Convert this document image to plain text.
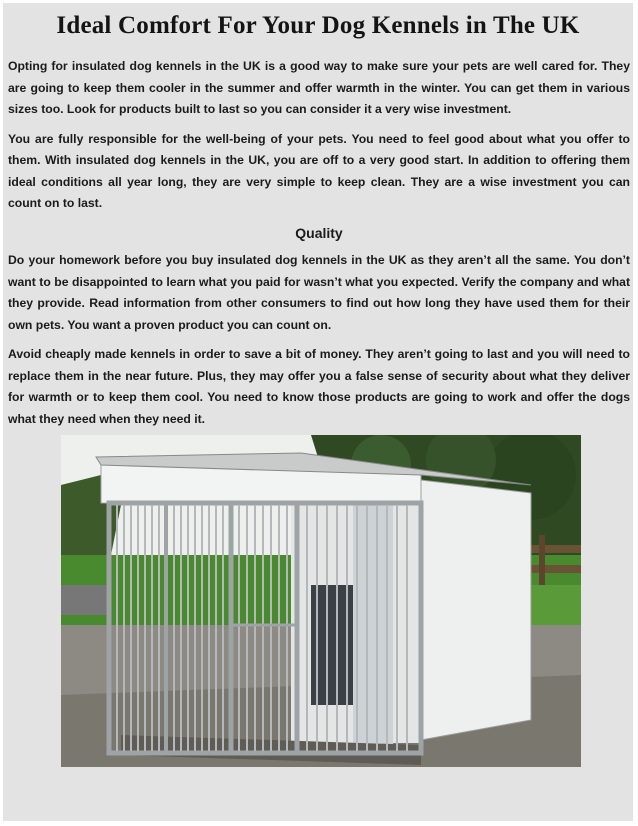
Ideal Comfort For Your Dog Kennels in The UK

Opting for insulated dog kennels in the UK is a good way to make sure your pets are well cared for. They are going to keep them cooler in the summer and offer warmth in the winter. You can get them in various sizes too. Look for products built to last so you can consider it a very wise investment.

You are fully responsible for the well-being of your pets. You need to feel good about what you offer to them. With insulated dog kennels in the UK, you are off to a very good start. In addition to offering them ideal conditions all year long, they are very simple to keep clean. They are a wise investment you can count on to last.

Quality

Do your homework before you buy insulated dog kennels in the UK as they aren’t all the same. You don’t want to be disappointed to learn what you paid for wasn’t what you expected. Verify the company and what they provide. Read information from other consumers to find out how long they have used them for their own pets. You want a proven product you can count on.

Avoid cheaply made kennels in order to save a bit of money. They aren’t going to last and you will need to replace them in the near future. Plus, they may offer you a false sense of security about what they deliver for warmth or to keep them cool. You need to know those products are going to work and offer the dogs what they need when they need it.
